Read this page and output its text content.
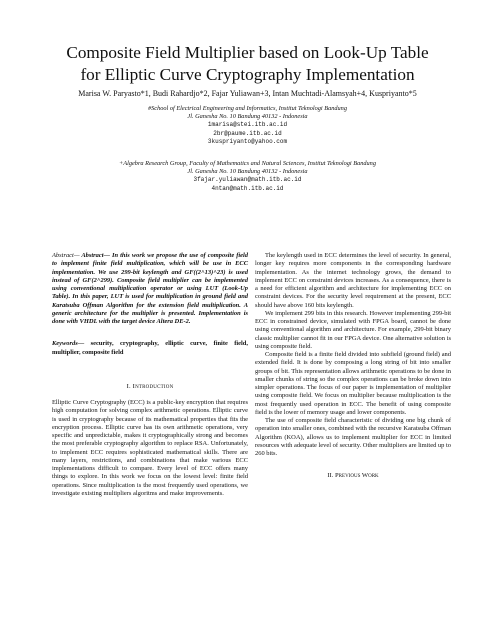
Composite Field Multiplier based on Look-Up Table
for Elliptic Curve Cryptography Implementation
Marisa W. Paryasto*1, Budi Rahardjo*2, Fajar Yuliawan+3, Intan Muchtadi-Alamsyah+4, Kuspriyanto*5
#School of Electrical Engineering and Informatics, Institut Teknologi Bandung
Jl. Ganesha No. 10 Bandung 40132 - Indonesia
1marisa@stei.itb.ac.id
2br@paume.itb.ac.id
3kuspriyanto@yahoo.com
+Algebra Research Group, Faculty of Mathematics and Natural Sciences, Institut Teknologi Bandung
Jl. Ganesha No. 10 Bandung 40132 - Indonesia
3fajar.yuliawan@math.itb.ac.id
4ntan@math.itb.ac.id

Abstract— Abstract— In this work we propose the use of composite field to implement finite field multiplication, which will be use in ECC implementation. We use 299-bit keylength and GF((2^13)^23) is used instead of GF(2^299). Composite field multiplier can be implemented using conventional multiplication operator or using LUT (Look-Up Table). In this paper, LUT is used for multiplication in ground field and Karatsuba Offman Algorithm for the extension field multiplication. A generic architecture for the multiplier is presented. Implementation is done with VHDL with the target device Altera DE-2.

Keywords— security, cryptography, elliptic curve, finite field, multiplier, composite field

I. Introduction

Elliptic Curve Cryptography (ECC) is a public-key encryption that requires high computation for solving complex arithmetic operations. Elliptic curve is used in cryptography because of its mathematical properties that fits the encryption process. Elliptic curve has its own arithmetic operations, very specific and unpredictable, makes it cryptographically strong and becomes the most preferable cryptography algorithm to replace RSA. Unfortunately, to implement ECC requires sophisticated mathematical skills. There are many layers, restrictions, and combinations that make various ECC implementations difficult to compare. Every level of ECC offers many things to explore. In this work we focus on the lowest level: finite field operations. Since multiplication is the most frequently used operations, we investigate existing multipliers algoritms and make improvements.

The keylength used in ECC determines the level of security. In general, longer key requires more components in the corresponding hardware implementation. As the internet technology grows, the demand to implement ECC on constraint devices increases. As a consequence, there is a need for efficient algorithm and architecture for implementing ECC on constraint devices. For the security level requirement at the present, ECC should have above 160 bits keylength.

We implement 299 bits in this research. However implementing 299-bit ECC in constrained device, simulated with FPGA board, cannot be done using conventional algorithm and architecture. For example, 299-bit binary classic multiplier cannot fit in our FPGA device. One alternative solution is using composite field.

Composite field is a finite field divided into subfield (ground field) and extended field. It is done by composing a long string of bit into smaller groups of bit. This representation allows arithmetic operations to be done in smaller chunks of string so the complex operations can be broke down into simpler operations. The focus of our paper is implementation of multiplier using composite field. We focus on multiplier because multiplication is the most frequently used operation in ECC. The benefit of using composite field is the lower of memory usage and lower components.

The use of composite field characteristic of dividing one big chunk of operation into smaller ones, combined with the recursive Karatsuba Offman Algorithm (KOA), allows us to implement multiplier for ECC in limited resources with adequate level of security. Other multipliers are limited up to 260 bits.

II. Previous Work
